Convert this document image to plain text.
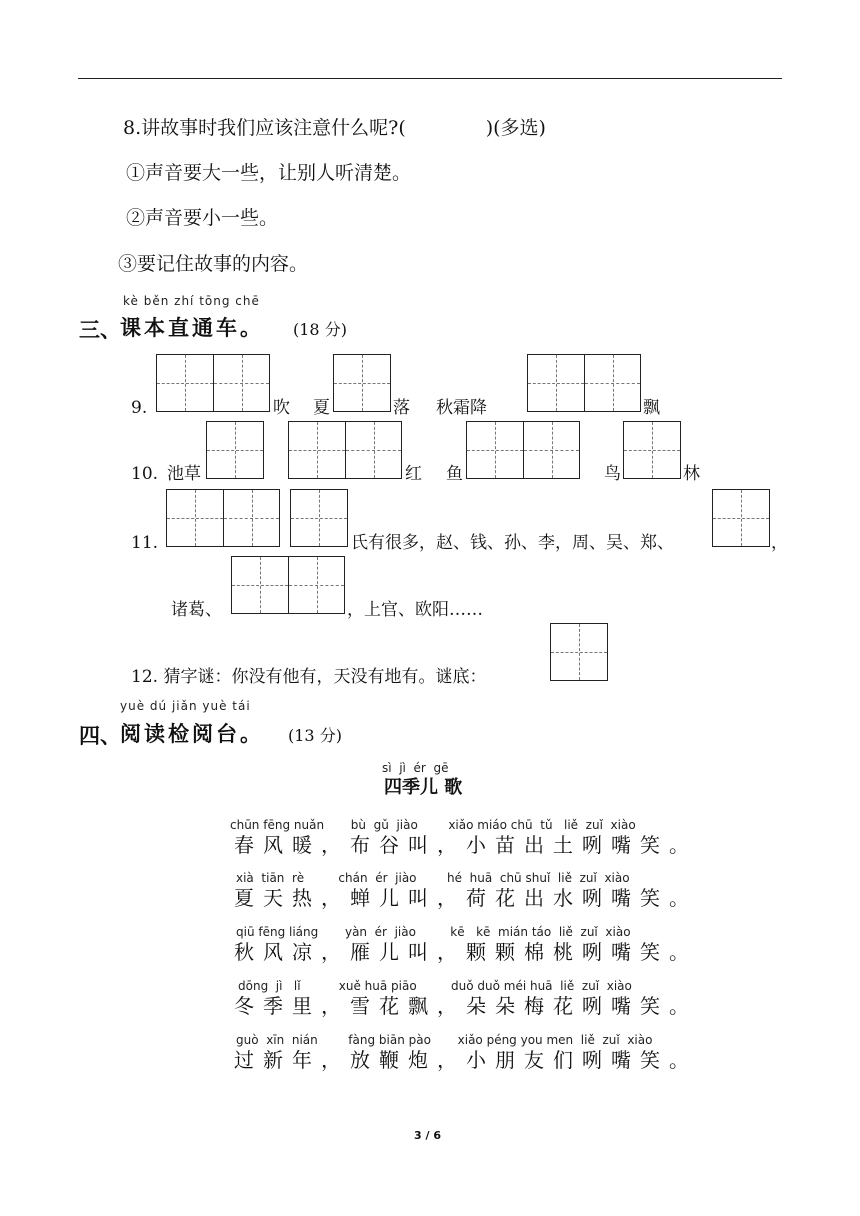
8.讲故事时我们应该注意什么呢?(	)(多选)
①声音要大一些，让别人听清楚。
②声音要小一些。
③要记住故事的内容。
kè běn zhí tōng chē
三、 课本直通车。 (18 分)
9.	吹 夏	落 秋霜降	飘
10. 池草	红 鱼	鸟	林
11.	氏有很多，赵、钱、孙、李，周、吴、郑、	，
诸葛、	，上官、欧阳……
12. 猜字谜：你没有他有，天没有地有。谜底：
yuè dú jiǎn yuè tái
四、 阅读检阅台。 (13 分)
sì  jì  ér  gē
四季儿 歌
chūn fēng nuǎn       bù  gǔ  jiào        xiǎo miáo chū  tǔ   liě  zuǐ  xiào
春风暖，布谷叫，小苗出土咧嘴笑。
xià  tiān  rè         chán  ér  jiào        hé  huā  chū shuǐ  liě  zuǐ  xiào
夏天热，蝉儿叫，荷花出水咧嘴笑。
qiū fēng liáng       yàn  ér  jiào         kē   kē  mián táo  liě  zuǐ  xiào
秋风凉，雁儿叫，颗颗棉桃咧嘴笑。
dōng  jì   lǐ          xuě huā piāo         duǒ duǒ méi huā  liě  zuǐ  xiào
冬季里，雪花飘，朵朵梅花咧嘴笑。
guò  xīn  nián        fàng biān pào       xiǎo péng you men  liě  zuǐ  xiào
过新年，放鞭炮，小朋友们咧嘴笑。
3 / 6
